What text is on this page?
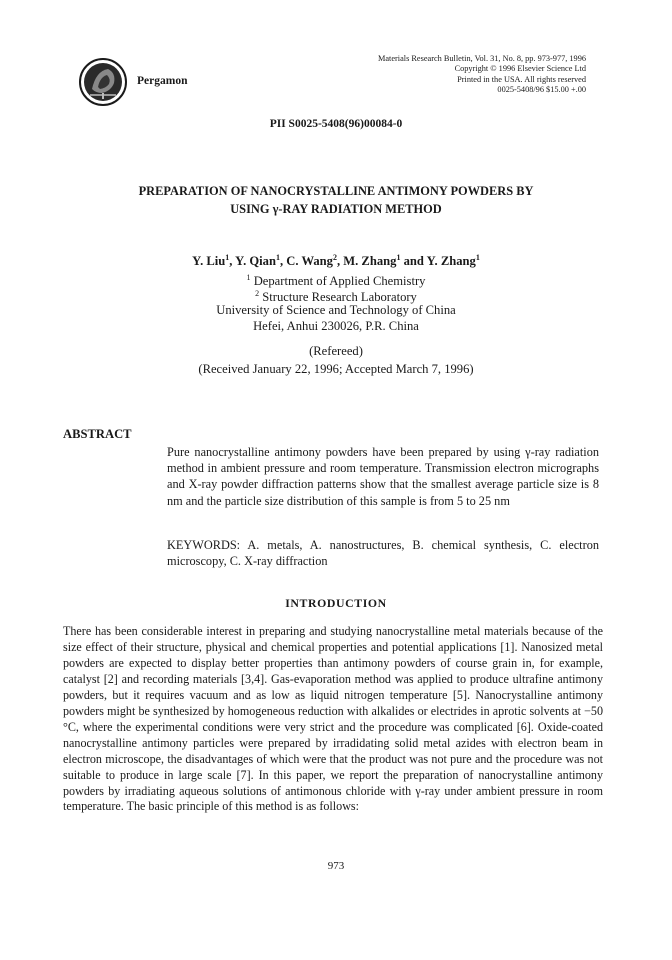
Pergamon
Materials Research Bulletin, Vol. 31, No. 8, pp. 973-977, 1996
Copyright © 1996 Elsevier Science Ltd
Printed in the USA. All rights reserved
0025-5408/96 $15.00 +.00
PII S0025-5408(96)00084-0
PREPARATION OF NANOCRYSTALLINE ANTIMONY POWDERS BY
USING γ-RAY RADIATION METHOD
Y. Liu$^1$, Y. Qian$^1$, C. Wang$^2$, M. Zhang$^1$ and Y. Zhang$^1$
$^1$ Department of Applied Chemistry
$^2$ Structure Research Laboratory
University of Science and Technology of China
Hefei, Anhui 230026, P.R. China
(Refereed)
(Received January 22, 1996; Accepted March 7, 1996)
ABSTRACT
Pure nanocrystalline antimony powders have been prepared by using γ-ray radiation method in ambient pressure and room temperature. Transmission electron micrographs and X-ray powder diffraction patterns show that the smallest average particle size is 8 nm and the particle size distribution of this sample is from 5 to 25 nm
KEYWORDS: A. metals, A. nanostructures, B. chemical synthesis, C. electron microscopy, C. X-ray diffraction
INTRODUCTION
There has been considerable interest in preparing and studying nanocrystalline metal materials because of the size effect of their structure, physical and chemical properties and potential applications [1]. Nanosized metal powders are expected to display better properties than antimony powders of course grain in, for example, catalyst [2] and recording materials [3,4]. Gas-evaporation method was applied to produce ultrafine antimony powders, but it requires vacuum and as low as liquid nitrogen temperature [5]. Nanocrystalline antimony powders might be synthesized by homogeneous reduction with alkalides or electrides in aprotic solvents at −50 °C, where the experimental conditions were very strict and the procedure was complicated [6]. Oxide-coated nanocrystalline antimony particles were prepared by irradidating solid metal azides with electron beam in electron microscope, the disadvantages of which were that the product was not pure and the procedure was not suitable to produce in large scale [7]. In this paper, we report the preparation of nanocrystalline antimony powders by irradiating aqueous solutions of antimonous chloride with γ-ray under ambient pressure in room temperature. The basic principle of this method is as follows:
973
